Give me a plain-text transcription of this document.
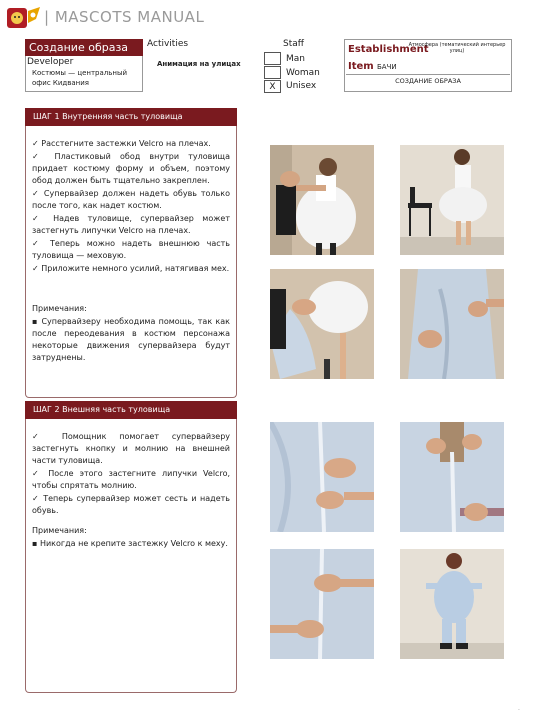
| MASCOTS MANUAL
Создание образа
Developer
Костюмы — центральный офис Кидвания
Activities
Анимация на улицах
Staff
X
Man
Woman
Unisex
Establishment
Атмосфера (тематический интерьер улиц)
Item БАЧИ
СОЗДАНИЕ ОБРАЗА
ШАГ 1 Внутренняя часть туловища

✓ Расстегните застежки Velcro на плечах.

✓ Пластиковый обод внутри туловища придает костюму форму и объем, поэтому обод должен быть тщательно закреплен.

✓ Супервайзер должен надеть обувь только после того, как надет костюм.

✓ Надев туловище, супервайзер может застегнуть липучки Velcro на плечах.

✓ Теперь можно надеть внешнюю часть туловища — меховую.

✓ Приложите немного усилий, натягивая мех.

Примечания:

▪ Супервайзеру необходима помощь, так как после переодевания в костюм персонажа некоторые движения супервайзера будут затруднены.

ШАГ 2 Внешняя часть туловища

✓ Помощник помогает супервайзеру застегнуть кнопку и молнию на внешней части туловища.

✓ После этого застегните липучки Velcro, чтобы спрятать молнию.

✓ Теперь супервайзер может сесть и надеть обувь.

Примечания:

▪ Никогда не крепите застежку Velcro к меху.

.
